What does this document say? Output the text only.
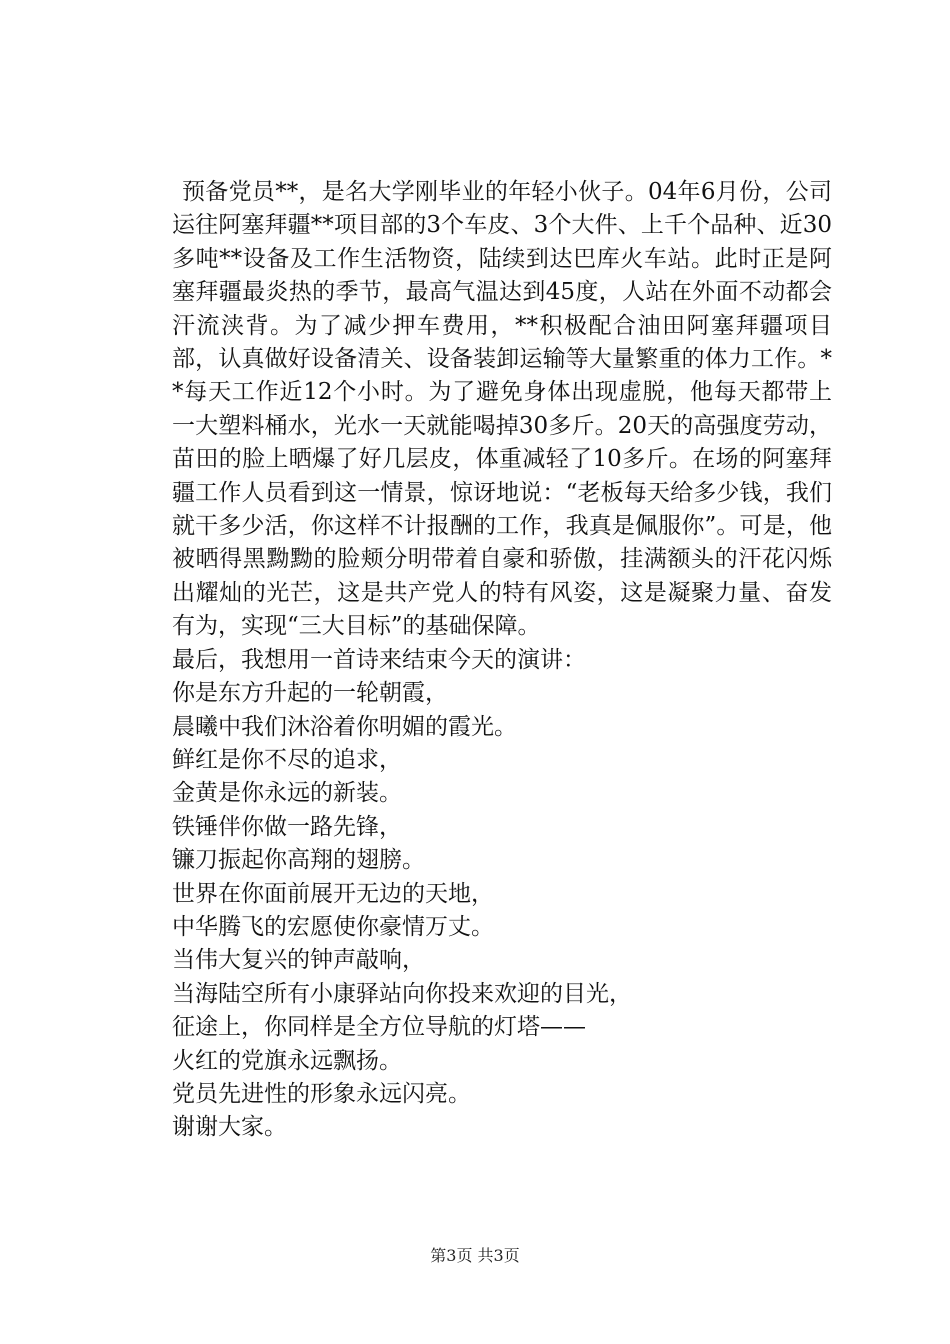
预备党员**，是名大学刚毕业的年轻小伙子。04年6月份，公司运往阿塞拜疆**项目部的3个车皮、3个大件、上千个品种、近30多吨**设备及工作生活物资，陆续到达巴库火车站。此时正是阿塞拜疆最炎热的季节，最高气温达到45度，人站在外面不动都会汗流浃背。为了减少押车费用，**积极配合油田阿塞拜疆项目部，认真做好设备清关、设备装卸运输等大量繁重的体力工作。**每天工作近12个小时。为了避免身体出现虚脱，他每天都带上一大塑料桶水，光水一天就能喝掉30多斤。20天的高强度劳动，苗田的脸上晒爆了好几层皮，体重减轻了10多斤。在场的阿塞拜疆工作人员看到这一情景，惊讶地说：“老板每天给多少钱，我们就干多少活，你这样不计报酬的工作，我真是佩服你”。可是，他被晒得黑黝黝的脸颊分明带着自豪和骄傲，挂满额头的汗花闪烁出耀灿的光芒，这是共产党人的特有风姿，这是凝聚力量、奋发有为，实现“三大目标”的基础保障。

最后，我想用一首诗来结束今天的演讲：

你是东方升起的一轮朝霞，

晨曦中我们沐浴着你明媚的霞光。

鲜红是你不尽的追求，

金黄是你永远的新装。

铁锤伴你做一路先锋，

镰刀振起你高翔的翅膀。

世界在你面前展开无边的天地，

中华腾飞的宏愿使你豪情万丈。

当伟大复兴的钟声敲响，

当海陆空所有小康驿站向你投来欢迎的目光，

征途上，你同样是全方位导航的灯塔——

火红的党旗永远飘扬。

党员先进性的形象永远闪亮。

谢谢大家。

第3页 共3页
